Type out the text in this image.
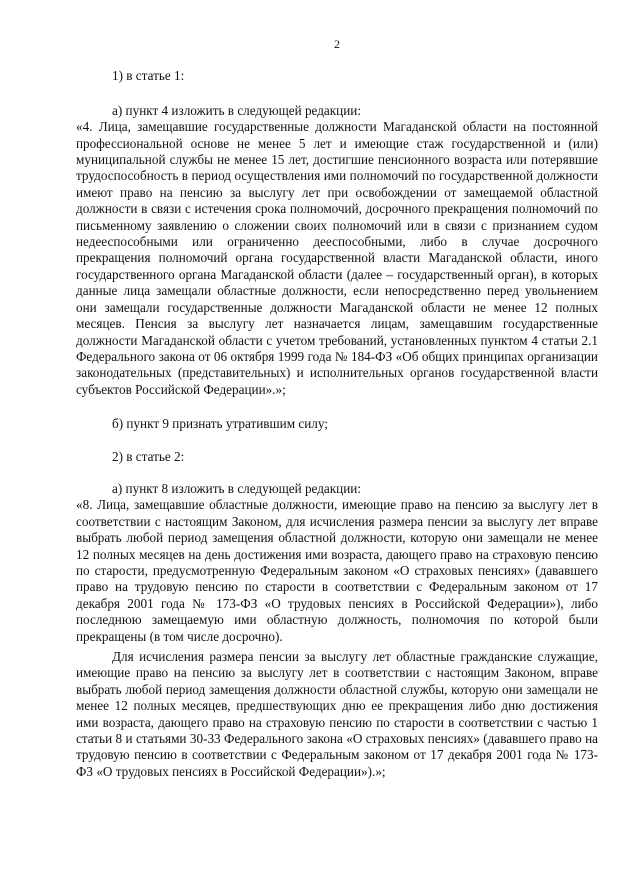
2

1) в статье 1:

а) пункт 4 изложить в следующей редакции:

«4. Лица, замещавшие государственные должности Магаданской области на постоянной профессиональной основе не менее 5 лет и имеющие стаж государственной и (или) муниципальной службы не менее 15 лет, достигшие пенсионного возраста или потерявшие трудоспособность в период осуществления ими полномочий по государственной должности имеют право на пенсию за выслугу лет при освобождении от замещаемой областной должности в связи с истечения срока полномочий, досрочного прекращения полномочий по письменному заявлению о сложении своих полномочий или в связи с признанием судом недееспособными или ограниченно дееспособными, либо в случае досрочного прекращения полномочий органа государственной власти Магаданской области, иного государственного органа Магаданской области (далее – государственный орган), в которых данные лица замещали областные должности, если непосредственно перед увольнением они замещали государственные должности Магаданской области не менее 12 полных месяцев. Пенсия за выслугу лет назначается лицам, замещавшим государственные должности Магаданской области с учетом требований, установленных пунктом 4 статьи 2.1 Федерального закона от 06 октября 1999 года № 184-ФЗ «Об общих принципах организации законодательных (представительных) и исполнительных органов государственной власти субъектов Российской Федерации».»;

б) пункт 9 признать утратившим силу;

2) в статье 2:

а) пункт 8 изложить в следующей редакции:

«8. Лица, замещавшие областные должности, имеющие право на пенсию за выслугу лет в соответствии с настоящим Законом, для исчисления размера пенсии за выслугу лет вправе выбрать любой период замещения областной должности, которую они замещали не менее 12 полных месяцев на день достижения ими возраста, дающего право на страховую пенсию по старости, предусмотренную Федеральным законом «О страховых пенсиях» (дававшего право на трудовую пенсию по старости в соответствии с Федеральным законом от 17 декабря 2001 года № 173-ФЗ «О трудовых пенсиях в Российской Федерации»), либо последнюю замещаемую ими областную должность, полномочия по которой были прекращены (в том числе досрочно).

Для исчисления размера пенсии за выслугу лет областные гражданские служащие, имеющие право на пенсию за выслугу лет в соответствии с настоящим Законом, вправе выбрать любой период замещения должности областной службы, которую они замещали не менее 12 полных месяцев, предшествующих дню ее прекращения либо дню достижения ими возраста, дающего право на страховую пенсию по старости в соответствии с частью 1 статьи 8 и статьями 30-33 Федерального закона «О страховых пенсиях» (дававшего право на трудовую пенсию в соответствии с Федеральным законом от 17 декабря 2001 года № 173-ФЗ «О трудовых пенсиях в Российской Федерации»).»;
